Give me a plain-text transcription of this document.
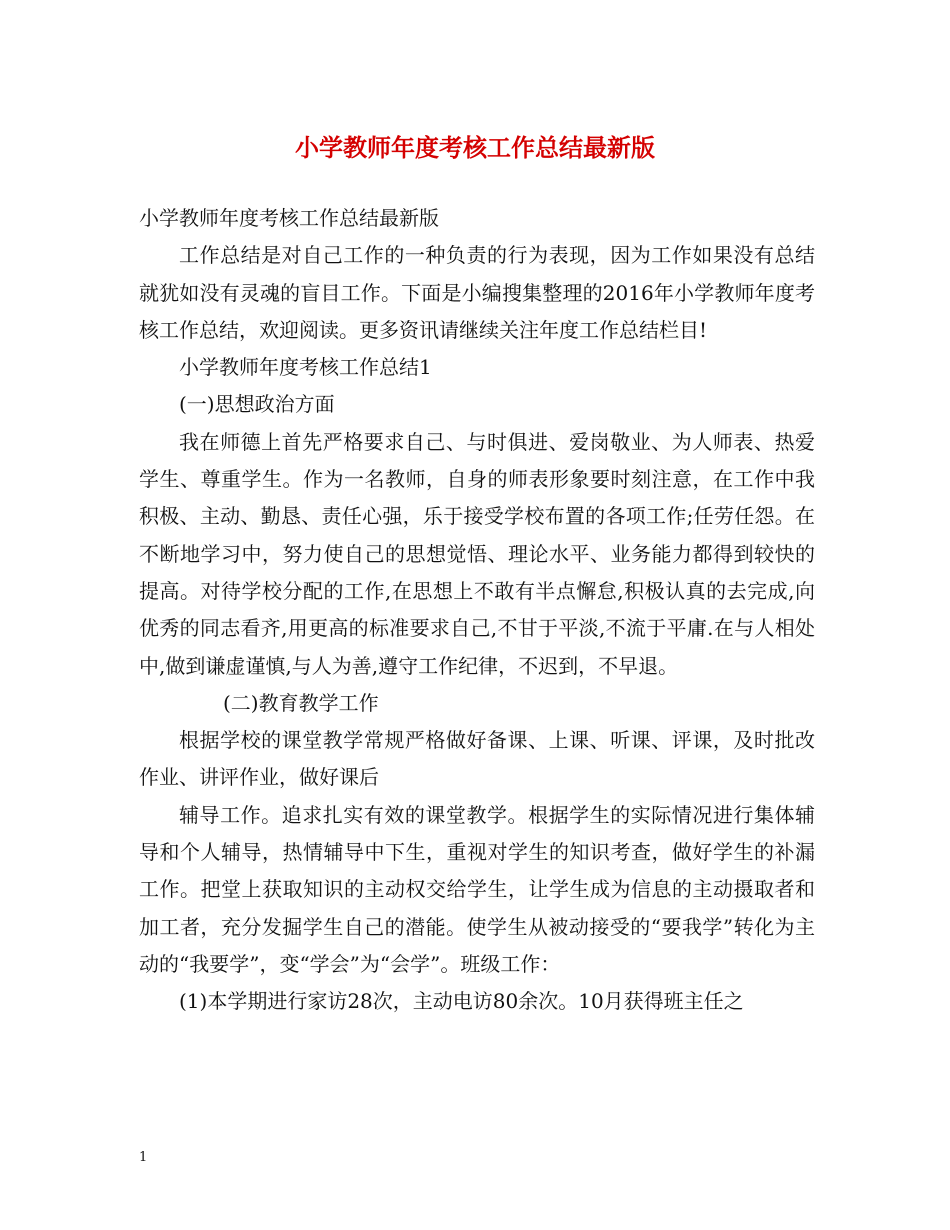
小学教师年度考核工作总结最新版

小学教师年度考核工作总结最新版

工作总结是对自己工作的一种负责的行为表现，因为工作如果没有总结就犹如没有灵魂的盲目工作。下面是小编搜集整理的2016年小学教师年度考核工作总结，欢迎阅读。更多资讯请继续关注年度工作总结栏目!

小学教师年度考核工作总结1

(一)思想政治方面

我在师德上首先严格要求自己、与时俱进、爱岗敬业、为人师表、热爱学生、尊重学生。作为一名教师，自身的师表形象要时刻注意，在工作中我积极、主动、勤恳、责任心强，乐于接受学校布置的各项工作;任劳任怨。在不断地学习中，努力使自己的思想觉悟、理论水平、业务能力都得到较快的提高。对待学校分配的工作,在思想上不敢有半点懈怠,积极认真的去完成,向优秀的同志看齐,用更高的标准要求自己,不甘于平淡,不流于平庸.在与人相处中,做到谦虚谨慎,与人为善,遵守工作纪律，不迟到，不早退。

(二)教育教学工作

根据学校的课堂教学常规严格做好备课、上课、听课、评课，及时批改作业、讲评作业，做好课后

辅导工作。追求扎实有效的课堂教学。根据学生的实际情况进行集体辅导和个人辅导，热情辅导中下生，重视对学生的知识考查，做好学生的补漏工作。把堂上获取知识的主动权交给学生，让学生成为信息的主动摄取者和加工者，充分发掘学生自己的潜能。使学生从被动接受的“要我学”转化为主动的“我要学”，变“学会”为“会学”。班级工作：

(1)本学期进行家访28次，主动电访80余次。10月获得班主任之

1
